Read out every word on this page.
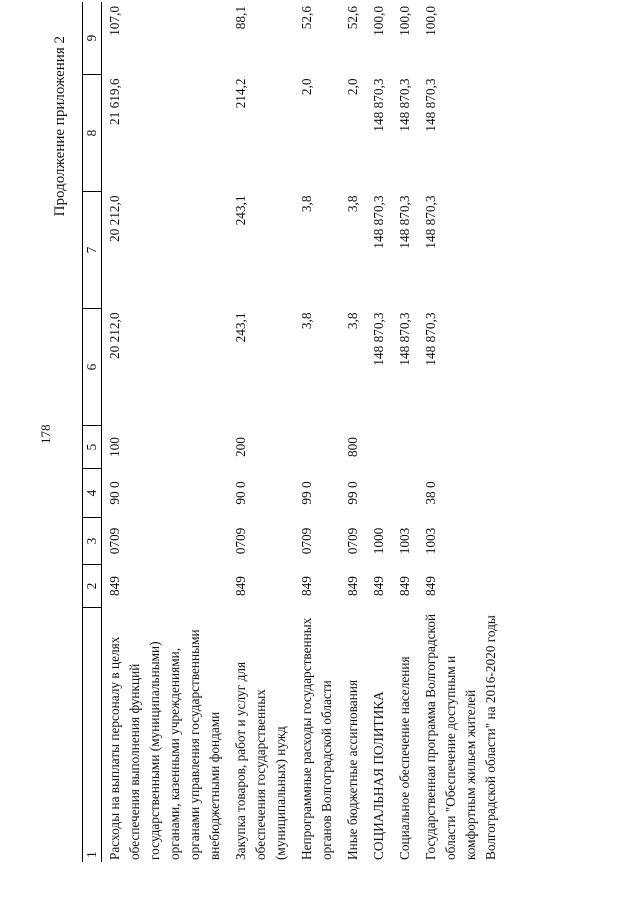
178
Продолжение приложения 2
1	2	3	4	5	6	7	8	9
Расходы на выплаты персоналу в целях обеспечения выполнения функций государственными (муниципальными) органами, казенными учреждениями, органами управления государственными внебюджетными фондами	849	0709	90 0	100	20 212,0	20 212,0	21 619,6	107,0
Закупка товаров, работ и услуг для обеспечения государственных (муниципальных) нужд	849	0709	90 0	200	243,1	243,1	214,2	88,1
Непрограммные расходы государственных органов Волгоградской области	849	0709	99 0		3,8	3,8	2,0	52,6
Иные бюджетные ассигнования	849	0709	99 0	800	3,8	3,8	2,0	52,6
СОЦИАЛЬНАЯ ПОЛИТИКА	849	1000			148 870,3	148 870,3	148 870,3	100,0
Социальное обеспечение населения	849	1003			148 870,3	148 870,3	148 870,3	100,0
Государственная программа Волгоградской области "Обеспечение доступным и комфортным жильем жителей Волгоградской области" на 2016-2020 годы	849	1003	38 0		148 870,3	148 870,3	148 870,3	100,0
